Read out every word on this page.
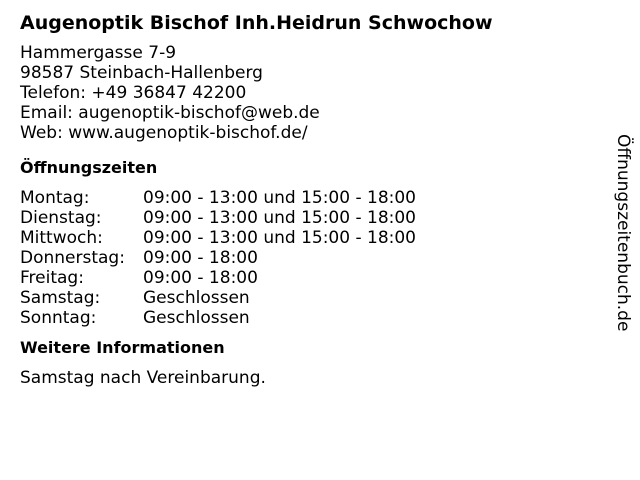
Augenoptik Bischof Inh.Heidrun Schwochow
Hammergasse 7-9
98587 Steinbach-Hallenberg
Telefon: +49 36847 42200
Email: augenoptik-bischof@web.de
Web: www.augenoptik-bischof.de/
Öffnungszeiten
Montag:	09:00 - 13:00 und 15:00 - 18:00
Dienstag:	09:00 - 13:00 und 15:00 - 18:00
Mittwoch:	09:00 - 13:00 und 15:00 - 18:00
Donnerstag:	09:00 - 18:00
Freitag:	09:00 - 18:00
Samstag:	Geschlossen
Sonntag:	Geschlossen
Weitere Informationen
Samstag nach Vereinbarung.
Öffnungszeitenbuch.de
